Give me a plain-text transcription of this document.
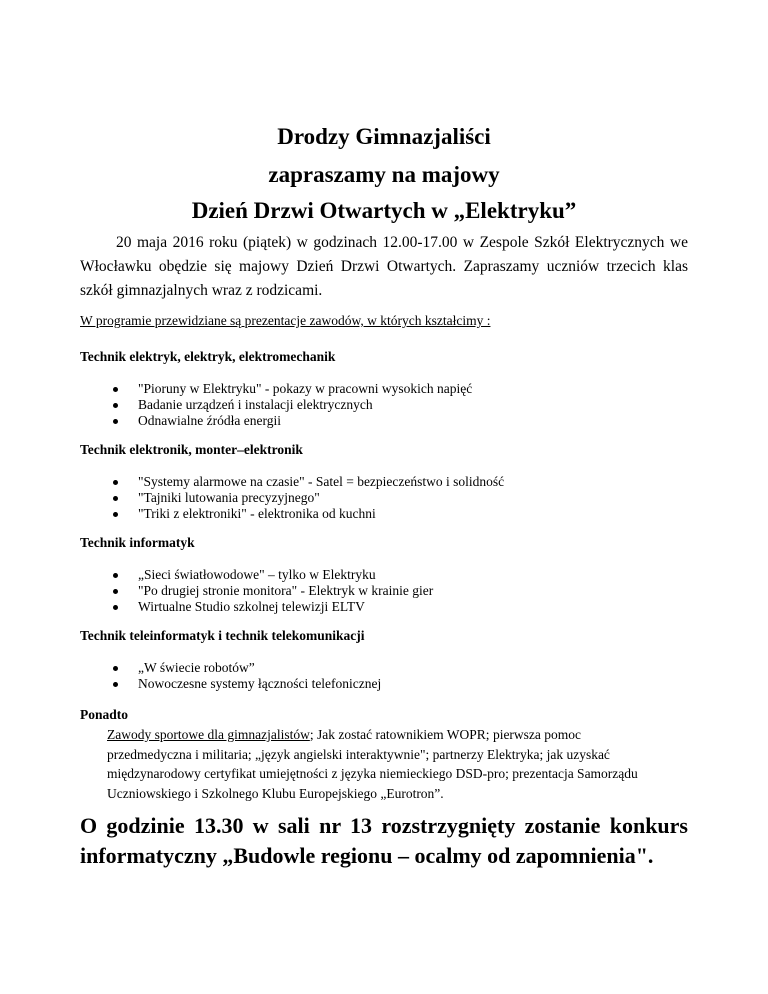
Drodzy Gimnazjaliści

zapraszamy na majowy

Dzień Drzwi Otwartych w „Elektryku”

20 maja 2016 roku (piątek) w godzinach 12.00-17.00 w Zespole Szkół Elektrycznych we Włocławku obędzie się majowy Dzień Drzwi Otwartych. Zapraszamy uczniów trzecich klas szkół gimnazjalnych wraz z rodzicami.

W programie przewidziane są prezentacje zawodów, w których kształcimy :

Technik elektryk, elektryk, elektromechanik

"Pioruny w Elektryku" - pokazy w pracowni wysokich napięć
Badanie urządzeń i instalacji elektrycznych
Odnawialne źródła energii

Technik elektronik, monter–elektronik

"Systemy alarmowe na czasie" - Satel = bezpieczeństwo i solidność
"Tajniki lutowania precyzyjnego"
"Triki z elektroniki" - elektronika od kuchni

Technik informatyk

„Sieci światłowodowe" – tylko w Elektryku
"Po drugiej stronie monitora" - Elektryk w krainie gier
Wirtualne Studio szkolnej telewizji ELTV

Technik teleinformatyk i technik telekomunikacji

„W świecie robotów”
Nowoczesne systemy łączności telefonicznej

Ponadto

Zawody sportowe dla gimnazjalistów; Jak zostać ratownikiem WOPR; pierwsza pomoc przedmedyczna i militaria; „język angielski interaktywnie"; partnerzy Elektryka; jak uzyskać międzynarodowy certyfikat umiejętności z języka niemieckiego DSD-pro; prezentacja Samorządu Uczniowskiego i Szkolnego Klubu Europejskiego „Eurotron”.

O godzinie 13.30 w sali nr 13 rozstrzygnięty zostanie konkurs informatyczny „Budowle regionu – ocalmy od zapomnienia".
